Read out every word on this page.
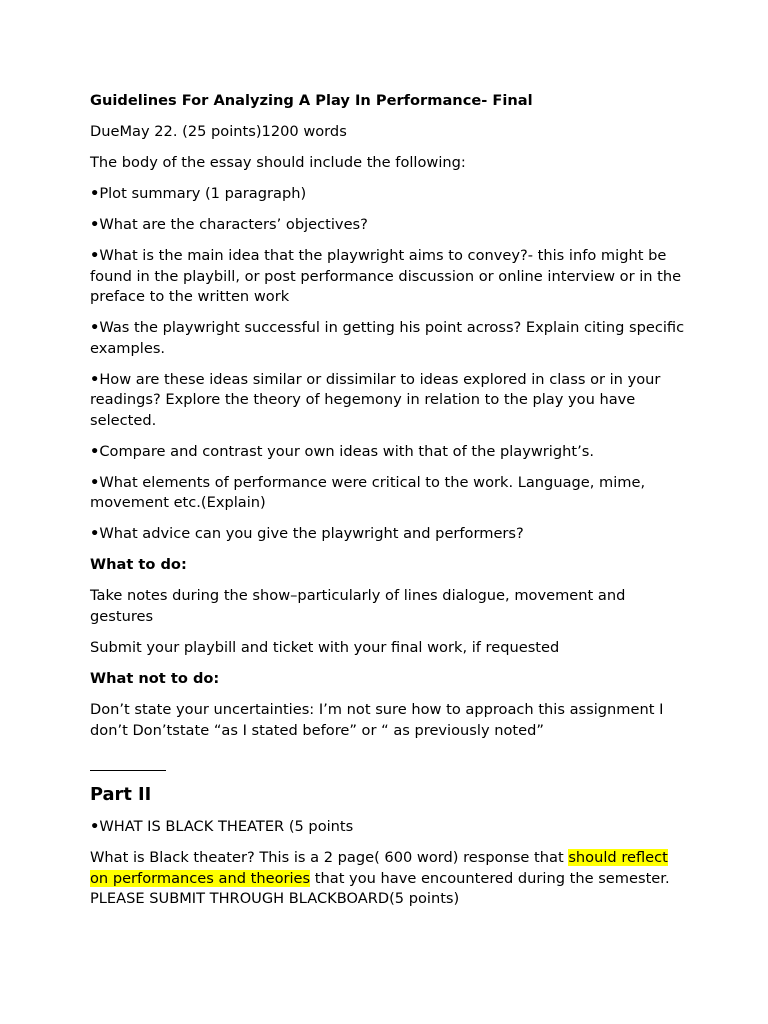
Guidelines For Analyzing A Play In Performance- Final

DueMay 22. (25 points)1200 words

The body of the essay should include the following:

•Plot summary (1 paragraph)

•What are the characters’ objectives?

•What is the main idea that the playwright aims to convey?- this info might be found in the playbill, or post performance discussion or online interview or in the preface to the written work

•Was the playwright successful in getting his point across? Explain citing specific examples.

•How are these ideas similar or dissimilar to ideas explored in class or in your readings? Explore the theory of hegemony in relation to the play you have selected.

•Compare and contrast your own ideas with that of the playwright’s.

•What elements of performance were critical to the work. Language, mime, movement etc.(Explain)

•What advice can you give the playwright and performers?

What to do:

Take notes during the show–particularly of lines dialogue, movement and gestures

Submit your playbill and ticket with your final work, if requested

What not to do:

Don’t state your uncertainties: I’m not sure how to approach this assignment I don’t Don’tstate “as I stated before” or “ as previously noted”

Part II

•WHAT IS BLACK THEATER (5 points

What is Black theater? This is a 2 page( 600 word) response that should reflect on performances and theories that you have encountered during the semester. PLEASE SUBMIT THROUGH BLACKBOARD(5 points)
